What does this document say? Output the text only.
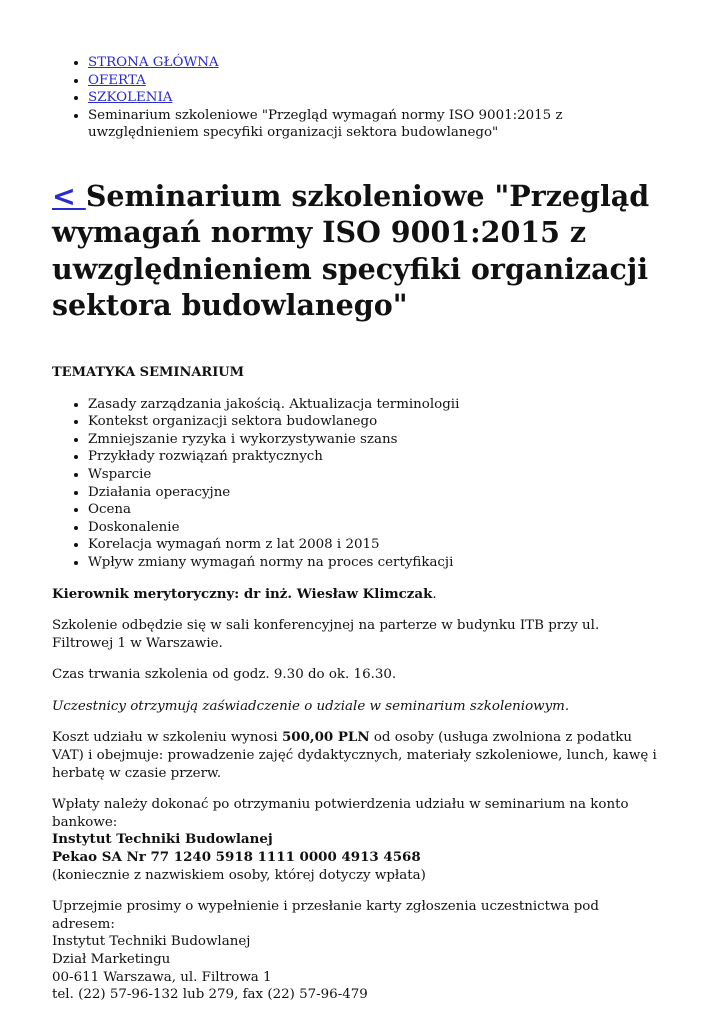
• STRONA GŁÓWNA
• OFERTA
• SZKOLENIA
• Seminarium szkoleniowe "Przegląd wymagań normy ISO 9001:2015 z uwzględnieniem specyfiki organizacji sektora budowlanego"
< Seminarium szkoleniowe "Przegląd wymagań normy ISO 9001:2015 z uwzględnieniem specyfiki organizacji sektora budowlanego"
TEMATYKA SEMINARIUM
• Zasady zarządzania jakością. Aktualizacja terminologii
• Kontekst organizacji sektora budowlanego
• Zmniejszanie ryzyka i wykorzystywanie szans
• Przykłady rozwiązań praktycznych
• Wsparcie
• Działania operacyjne
• Ocena
• Doskonalenie
• Korelacja wymagań norm z lat 2008 i 2015
• Wpływ zmiany wymagań normy na proces certyfikacji

Kierownik merytoryczny: dr inż. Wiesław Klimczak.

Szkolenie odbędzie się w sali konferencyjnej na parterze w budynku ITB przy ul. Filtrowej 1 w Warszawie.

Czas trwania szkolenia od godz. 9.30 do ok. 16.30.

Uczestnicy otrzymują zaświadczenie o udziale w seminarium szkoleniowym.

Koszt udziału w szkoleniu wynosi 500,00 PLN od osoby (usługa zwolniona z podatku VAT) i obejmuje: prowadzenie zajęć dydaktycznych, materiały szkoleniowe, lunch, kawę i herbatę w czasie przerw.

Wpłaty należy dokonać po otrzymaniu potwierdzenia udziału w seminarium na konto bankowe:
Instytut Techniki Budowlanej
Pekao SA Nr 77 1240 5918 1111 0000 4913 4568
(koniecznie z nazwiskiem osoby, której dotyczy wpłata)

Uprzejmie prosimy o wypełnienie i przesłanie karty zgłoszenia uczestnictwa pod adresem:
Instytut Techniki Budowlanej
Dział Marketingu
00-611 Warszawa, ul. Filtrowa 1
tel. (22) 57-96-132 lub 279, fax (22) 57-96-479
